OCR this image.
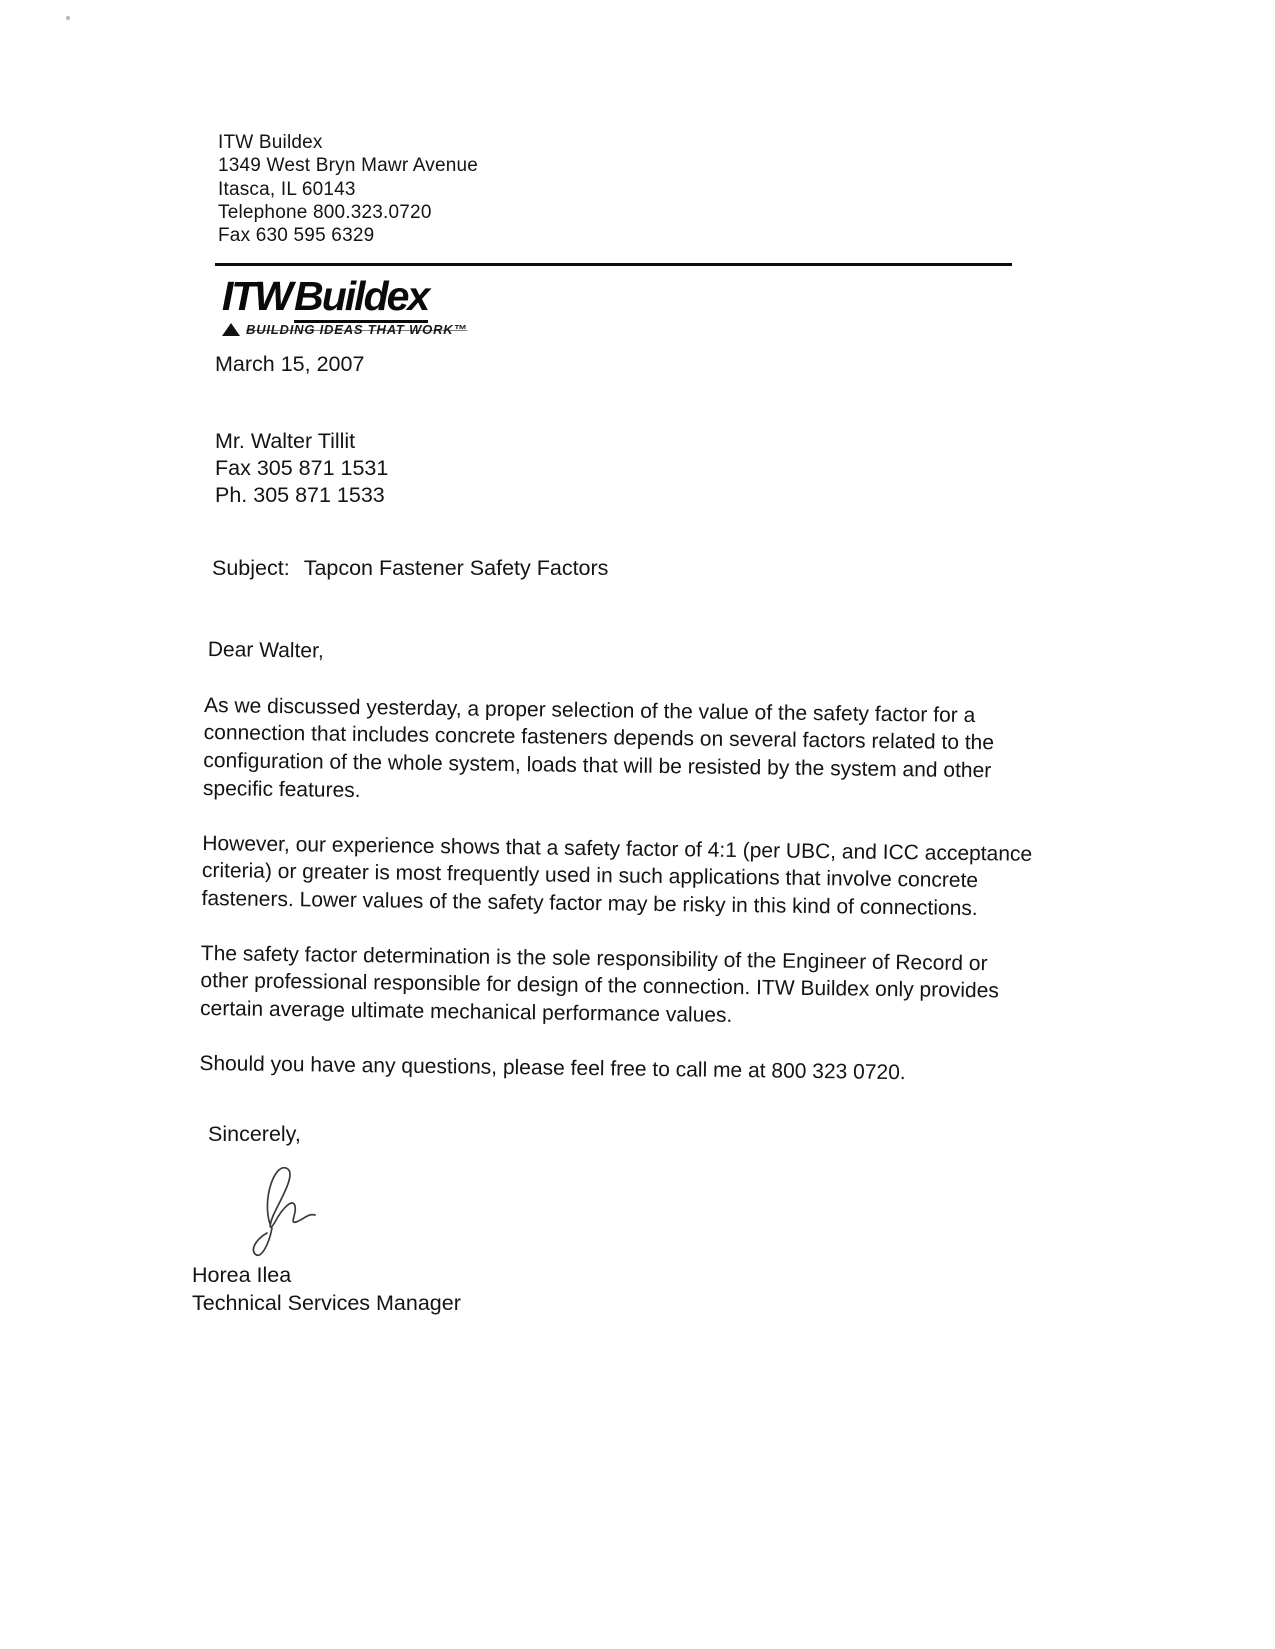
ITW Buildex
1349 West Bryn Mawr Avenue
Itasca, IL 60143
Telephone 800.323.0720
Fax 630 595 6329
ITWBuildex
BUILDING IDEAS THAT WORK™
March 15, 2007
Mr. Walter Tillit
Fax 305 871 1531
Ph. 305 871 1533
Subject: Tapcon Fastener Safety Factors
Dear Walter,

As we discussed yesterday, a proper selection of the value of the safety factor for a connection that includes concrete fasteners depends on several factors related to the configuration of the whole system, loads that will be resisted by the system and other specific features.

However, our experience shows that a safety factor of 4:1 (per UBC, and ICC acceptance criteria) or greater is most frequently used in such applications that involve concrete fasteners. Lower values of the safety factor may be risky in this kind of connections.

The safety factor determination is the sole responsibility of the Engineer of Record or other professional responsible for design of the connection. ITW Buildex only provides certain average ultimate mechanical performance values.

Should you have any questions, please feel free to call me at 800 323 0720.

Sincerely,
Horea Ilea
Technical Services Manager
